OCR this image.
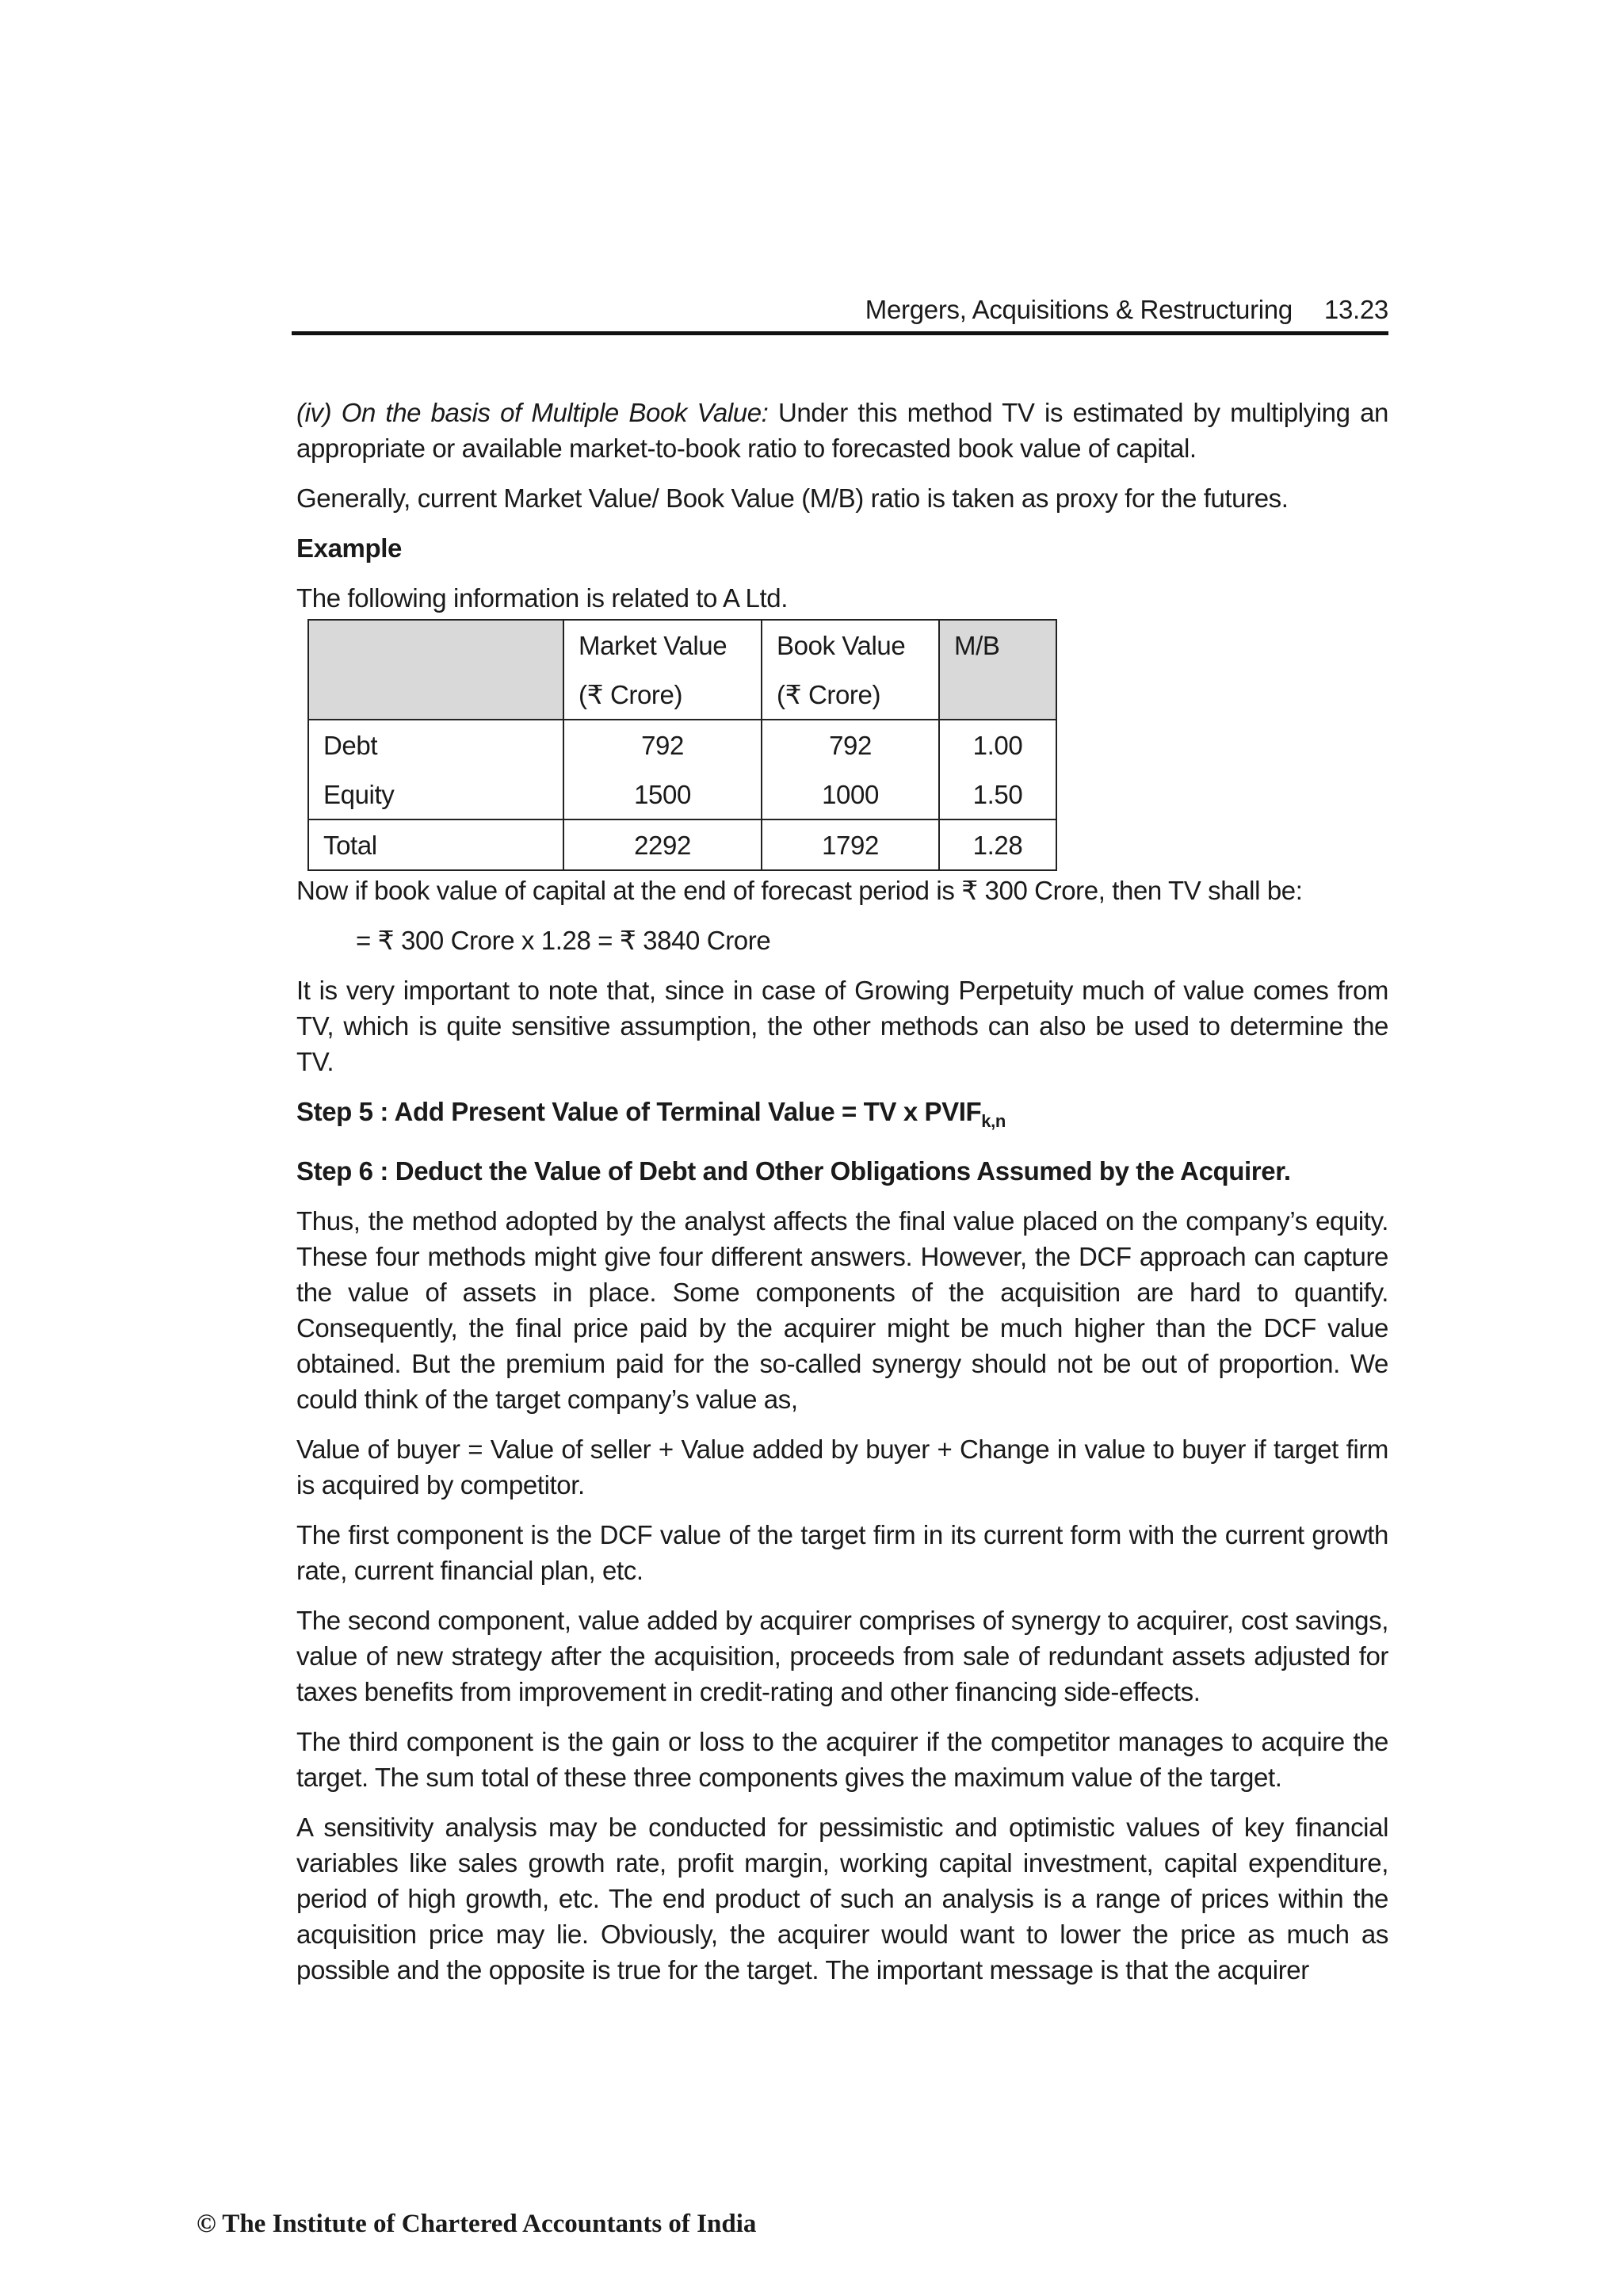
Mergers, Acquisitions & Restructuring 13.23

(iv) On the basis of Multiple Book Value: Under this method TV is estimated by multiplying an appropriate or available market-to-book ratio to forecasted book value of capital.

Generally, current Market Value/ Book Value (M/B) ratio is taken as proxy for the futures.

Example

The following information is related to A Ltd.

	Market Value	Book Value	M/B

	(₹ Crore)	(₹ Crore)	

Debt	792	792	1.00
Equity	1500	1000	1.50
Total	2292	1792	1.28

Now if book value of capital at the end of forecast period is ₹ 300 Crore, then TV shall be:

= ₹ 300 Crore x 1.28 = ₹ 3840 Crore

It is very important to note that, since in case of Growing Perpetuity much of value comes from TV, which is quite sensitive assumption, the other methods can also be used to determine the TV.

Step 5 : Add Present Value of Terminal Value = TV x $PVIF_{k,n}$
Step 6 : Deduct the Value of Debt and Other Obligations Assumed by the Acquirer.

Thus, the method adopted by the analyst affects the final value placed on the company’s equity. These four methods might give four different answers. However, the DCF approach can capture the value of assets in place. Some components of the acquisition are hard to quantify. Consequently, the final price paid by the acquirer might be much higher than the DCF value obtained. But the premium paid for the so-called synergy should not be out of proportion. We could think of the target company’s value as,

Value of buyer = Value of seller + Value added by buyer + Change in value to buyer if target firm is acquired by competitor.

The first component is the DCF value of the target firm in its current form with the current growth rate, current financial plan, etc.

The second component, value added by acquirer comprises of synergy to acquirer, cost savings, value of new strategy after the acquisition, proceeds from sale of redundant assets adjusted for taxes benefits from improvement in credit-rating and other financing side-effects.

The third component is the gain or loss to the acquirer if the competitor manages to acquire the target. The sum total of these three components gives the maximum value of the target.

A sensitivity analysis may be conducted for pessimistic and optimistic values of key financial variables like sales growth rate, profit margin, working capital investment, capital expenditure, period of high growth, etc. The end product of such an analysis is a range of prices within the acquisition price may lie. Obviously, the acquirer would want to lower the price as much as possible and the opposite is true for the target. The important message is that the acquirer

© The Institute of Chartered Accountants of India
